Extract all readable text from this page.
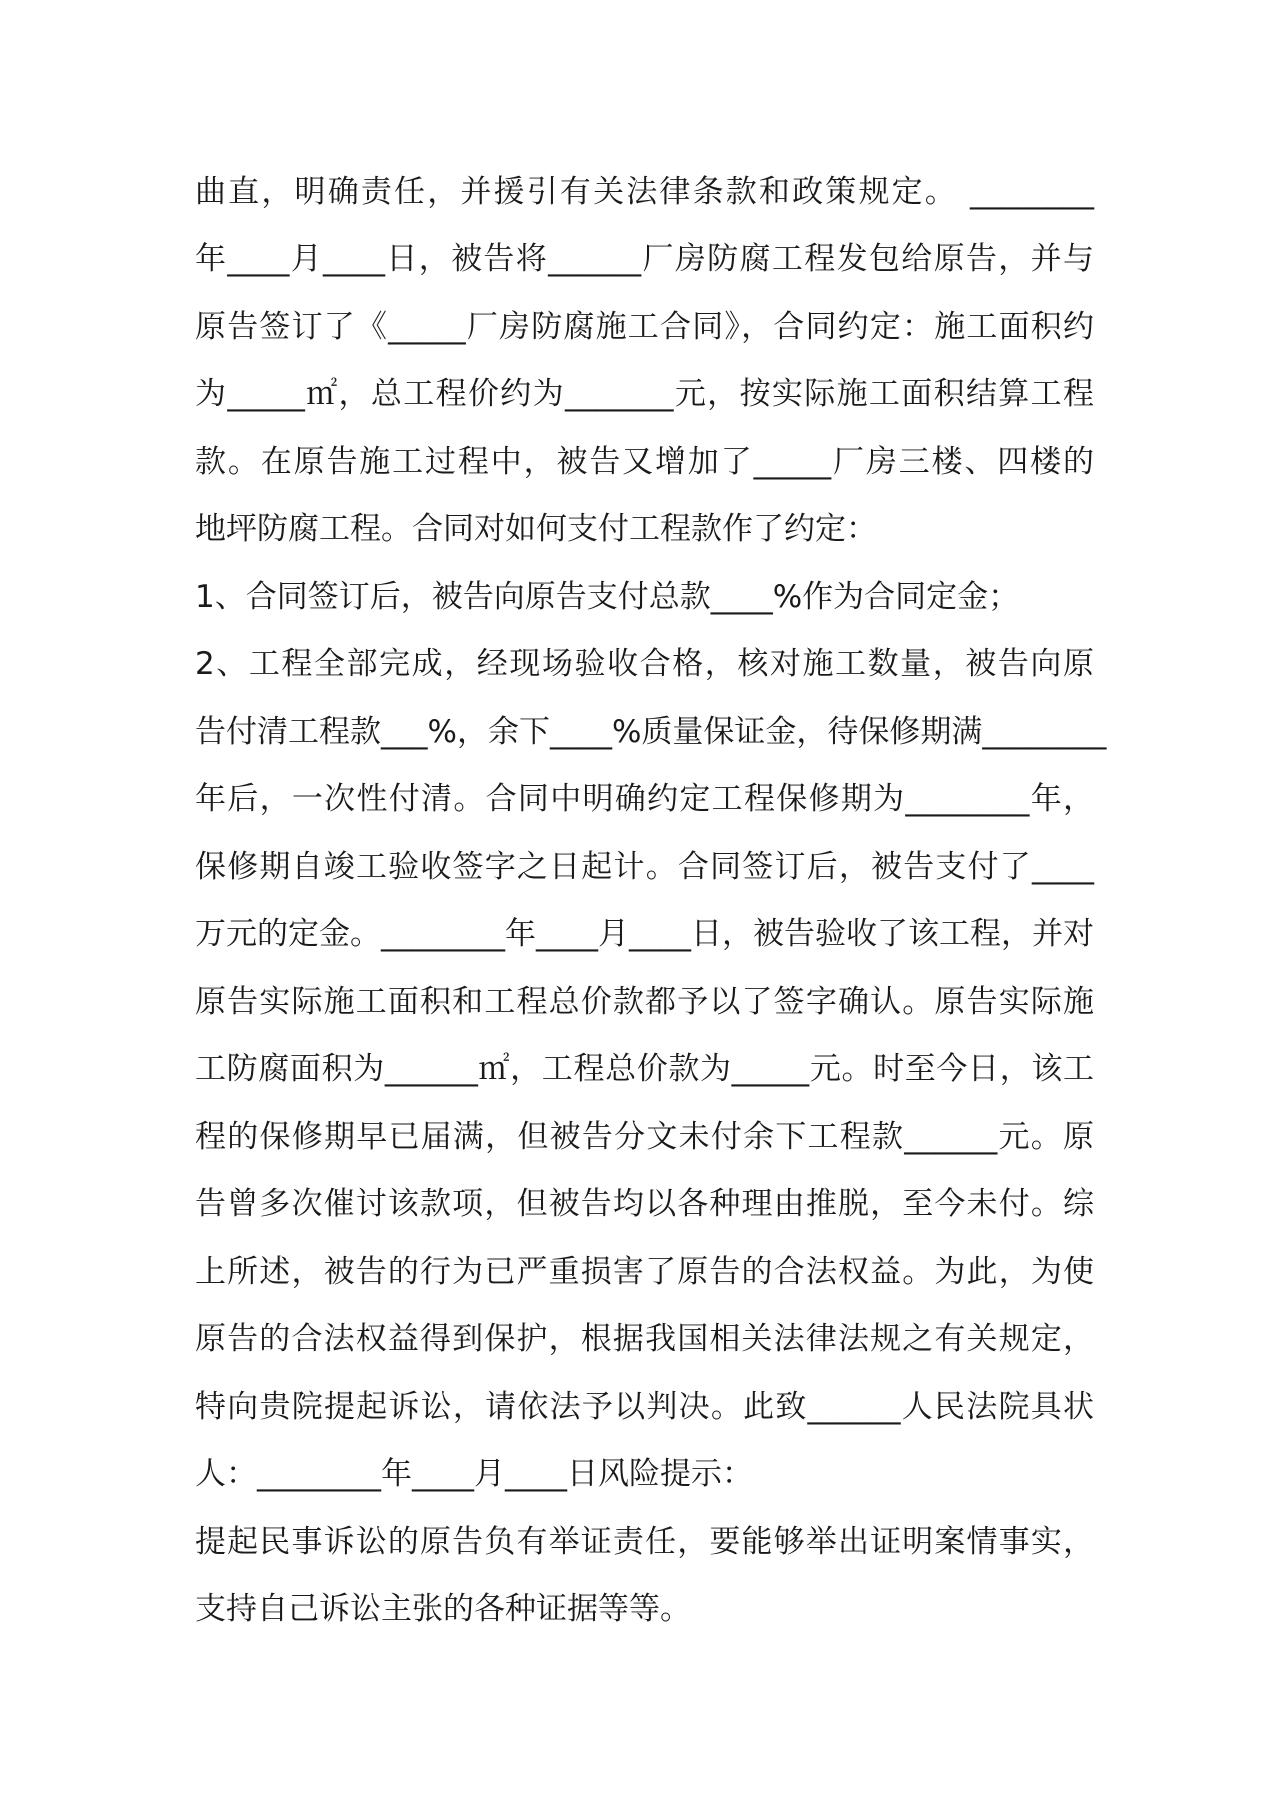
曲直，明确责任，并援引有关法律条款和政策规定。 ________
年____月____日，被告将______厂房防腐工程发包给原告，并与
原告签订了《_____厂房防腐施工合同》，合同约定：施工面积约
为_____㎡，总工程价约为_______元，按实际施工面积结算工程
款。在原告施工过程中，被告又增加了_____厂房三楼、四楼的
地坪防腐工程。合同对如何支付工程款作了约定：
1、合同签订后，被告向原告支付总款____%作为合同定金；
2、工程全部完成，经现场验收合格，核对施工数量，被告向原
告付清工程款___%，余下____%质量保证金，待保修期满________
年后，一次性付清。合同中明确约定工程保修期为________年，
保修期自竣工验收签字之日起计。合同签订后，被告支付了____
万元的定金。________年____月____日，被告验收了该工程，并对
原告实际施工面积和工程总价款都予以了签字确认。原告实际施
工防腐面积为______㎡，工程总价款为_____元。时至今日，该工
程的保修期早已届满，但被告分文未付余下工程款______元。原
告曾多次催讨该款项，但被告均以各种理由推脱，至今未付。综
上所述，被告的行为已严重损害了原告的合法权益。为此，为使
原告的合法权益得到保护，根据我国相关法律法规之有关规定，
特向贵院提起诉讼，请依法予以判决。此致______人民法院具状
人：________年____月____日风险提示：
提起民事诉讼的原告负有举证责任，要能够举出证明案情事实，
支持自己诉讼主张的各种证据等等。
